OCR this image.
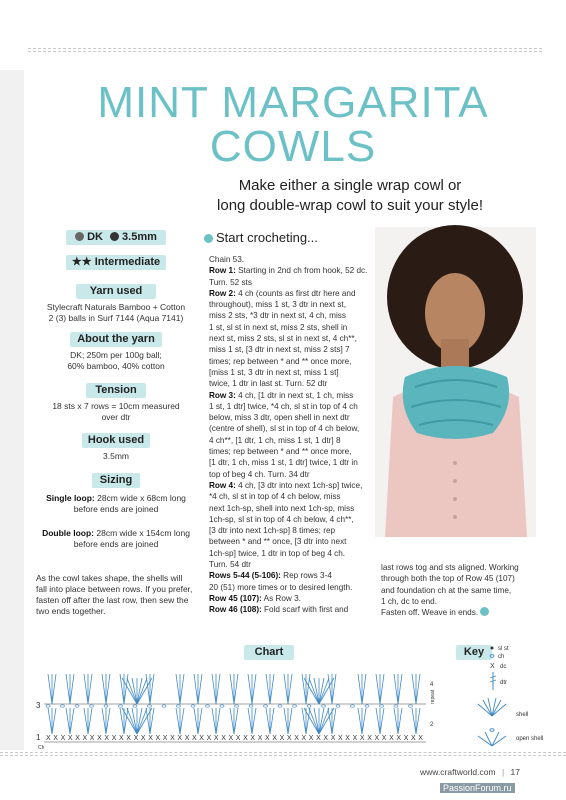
MINT MARGARITA
COWLS
Make either a single wrap cowl or
long double-wrap cowl to suit your style!
DK 3.5mm
★★ Intermediate
Yarn used
Stylecraft Naturals Bamboo + Cotton
2 (3) balls in Surf 7144 (Aqua 7141)
About the yarn
DK; 250m per 100g ball;
60% bamboo, 40% cotton
Tension
18 sts x 7 rows = 10cm measured
over dtr
Hook used
3.5mm
Sizing
Single loop: 28cm wide x 68cm long
before ends are joined
Double loop: 28cm wide x 154cm long
before ends are joined
As the cowl takes shape, the shells will
fall into place between rows. If you prefer,
fasten off after the last row, then sew the
two ends together.
Start crocheting...
Chain 53.
Row 1: Starting in 2nd ch from hook, 52 dc.
Turn. 52 sts
Row 2: 4 ch (counts as first dtr here and
throughout), miss 1 st, 3 dtr in next st,
miss 2 sts, *3 dtr in next st, 4 ch, miss
1 st, sl st in next st, miss 2 sts, shell in
next st, miss 2 sts, sl st in next st, 4 ch**,
miss 1 st, [3 dtr in next st, miss 2 sts] 7
times; rep between * and ** once more,
[miss 1 st, 3 dtr in next st, miss 1 st]
twice, 1 dtr in last st. Turn. 52 dtr
Row 3: 4 ch, [1 dtr in next st, 1 ch, miss
1 st, 1 dtr] twice, *4 ch, sl st in top of 4 ch
below, miss 3 dtr, open shell in next dtr
(centre of shell), sl st in top of 4 ch below,
4 ch**, [1 dtr, 1 ch, miss 1 st, 1 dtr] 8
times; rep between * and ** once more,
[1 dtr, 1 ch, miss 1 st, 1 dtr] twice, 1 dtr in
top of beg 4 ch. Turn. 34 dtr
Row 4: 4 ch, [3 dtr into next 1ch-sp] twice,
*4 ch, sl st in top of 4 ch below, miss
next 1ch-sp, shell into next 1ch-sp, miss
1ch-sp, sl st in top of 4 ch below, 4 ch**,
[3 dtr into next 1ch-sp] 8 times; rep
between * and ** once, [3 dtr into next
1ch-sp] twice, 1 dtr in top of beg 4 ch.
Turn. 54 dtr
Rows 5-44 (5-106): Rep rows 3-4
20 (51) more times or to desired length.
Row 45 (107): As Row 3.
Row 46 (108): Fold scarf with first and
last rows tog and sts aligned. Working
through both the top of Row 45 (107)
and foundation ch at the same time,
1 ch, dc to end.
Fasten off. Weave in ends.
Chart
3
1
Ch
4
2
repeat
X X X X X X X X X X X X X X X X X X X X X X X X X X X X X X X X X X X X X X X X X X X X X X X X X X X X
Key	sl st
ch
X dc
dtr
shell
open shell
www.craftworld.com | 17
PassionForum.ru
